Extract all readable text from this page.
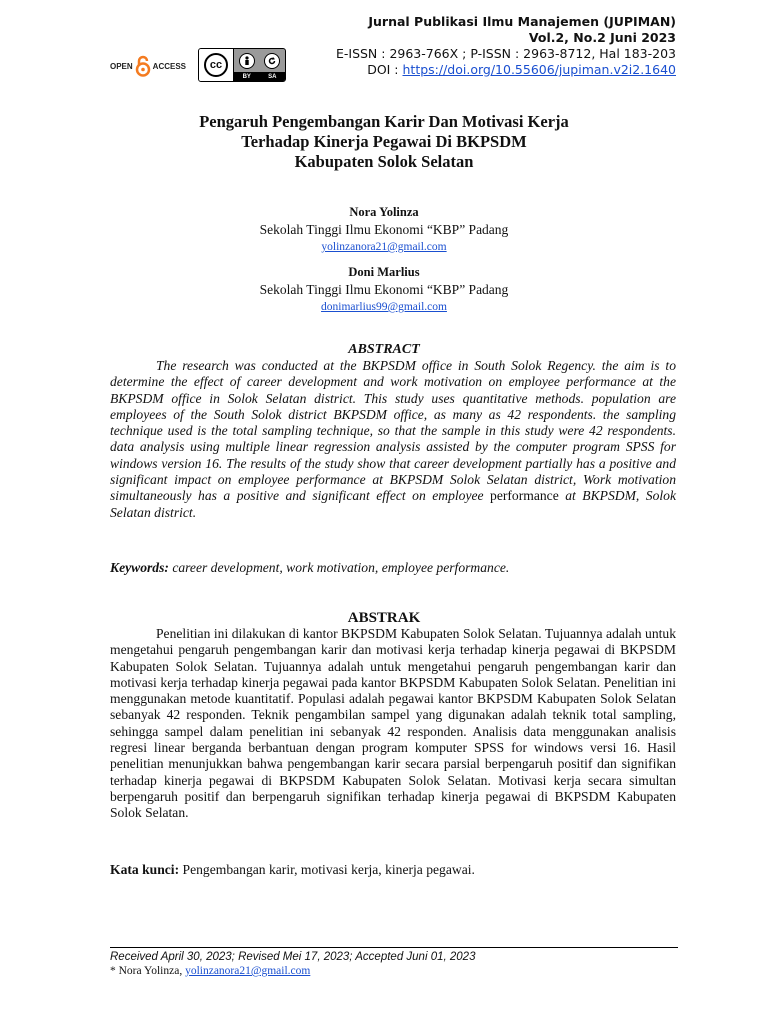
Jurnal Publikasi Ilmu Manajemen (JUPIMAN)
Vol.2, No.2 Juni 2023
E-ISSN : 2963-766X ; P-ISSN : 2963-8712, Hal 183-203
DOI : https://doi.org/10.55606/jupiman.v2i2.1640
OPEN	ACCESS	cc
BY	SA
Pengaruh Pengembangan Karir Dan Motivasi Kerja
Terhadap Kinerja Pegawai Di BKPSDM
Kabupaten Solok Selatan
Nora Yolinza
Sekolah Tinggi Ilmu Ekonomi “KBP” Padang
yolinzanora21@gmail.com
Doni Marlius
Sekolah Tinggi Ilmu Ekonomi “KBP” Padang
donimarlius99@gmail.com
ABSTRACT
The research was conducted at the BKPSDM office in South Solok Regency. the aim is to determine the effect of career development and work motivation on employee performance at the BKPSDM office in Solok Selatan district. This study uses quantitative methods. population are employees of the South Solok district BKPSDM office, as many as 42 respondents. the sampling technique used is the total sampling technique, so that the sample in this study were 42 respondents. data analysis using multiple linear regression analysis assisted by the computer program SPSS for windows version 16. The results of the study show that career development partially has a positive and significant impact on employee performance at BKPSDM Solok Selatan district, Work motivation simultaneously has a positive and significant effect on employee performance at BKPSDM, Solok Selatan district.
Keywords: career development, work motivation, employee performance.
ABSTRAK
Penelitian ini dilakukan di kantor BKPSDM Kabupaten Solok Selatan. Tujuannya adalah untuk mengetahui pengaruh pengembangan karir dan motivasi kerja terhadap kinerja pegawai di BKPSDM Kabupaten Solok Selatan. Tujuannya adalah untuk mengetahui pengaruh pengembangan karir dan motivasi kerja terhadap kinerja pegawai pada kantor BKPSDM Kabupaten Solok Selatan. Penelitian ini menggunakan metode kuantitatif. Populasi adalah pegawai kantor BKPSDM Kabupaten Solok Selatan sebanyak 42 responden. Teknik pengambilan sampel yang digunakan adalah teknik total sampling, sehingga sampel dalam penelitian ini sebanyak 42 responden. Analisis data menggunakan analisis regresi linear berganda berbantuan dengan program komputer SPSS for windows versi 16. Hasil penelitian menunjukkan bahwa pengembangan karir secara parsial berpengaruh positif dan signifikan terhadap kinerja pegawai di BKPSDM Kabupaten Solok Selatan. Motivasi kerja secara simultan berpengaruh positif dan berpengaruh signifikan terhadap kinerja pegawai di BKPSDM Kabupaten Solok Selatan.
Kata kunci: Pengembangan karir, motivasi kerja, kinerja pegawai.
Received April 30, 2023; Revised Mei 17, 2023; Accepted Juni 01, 2023
* Nora Yolinza, yolinzanora21@gmail.com
